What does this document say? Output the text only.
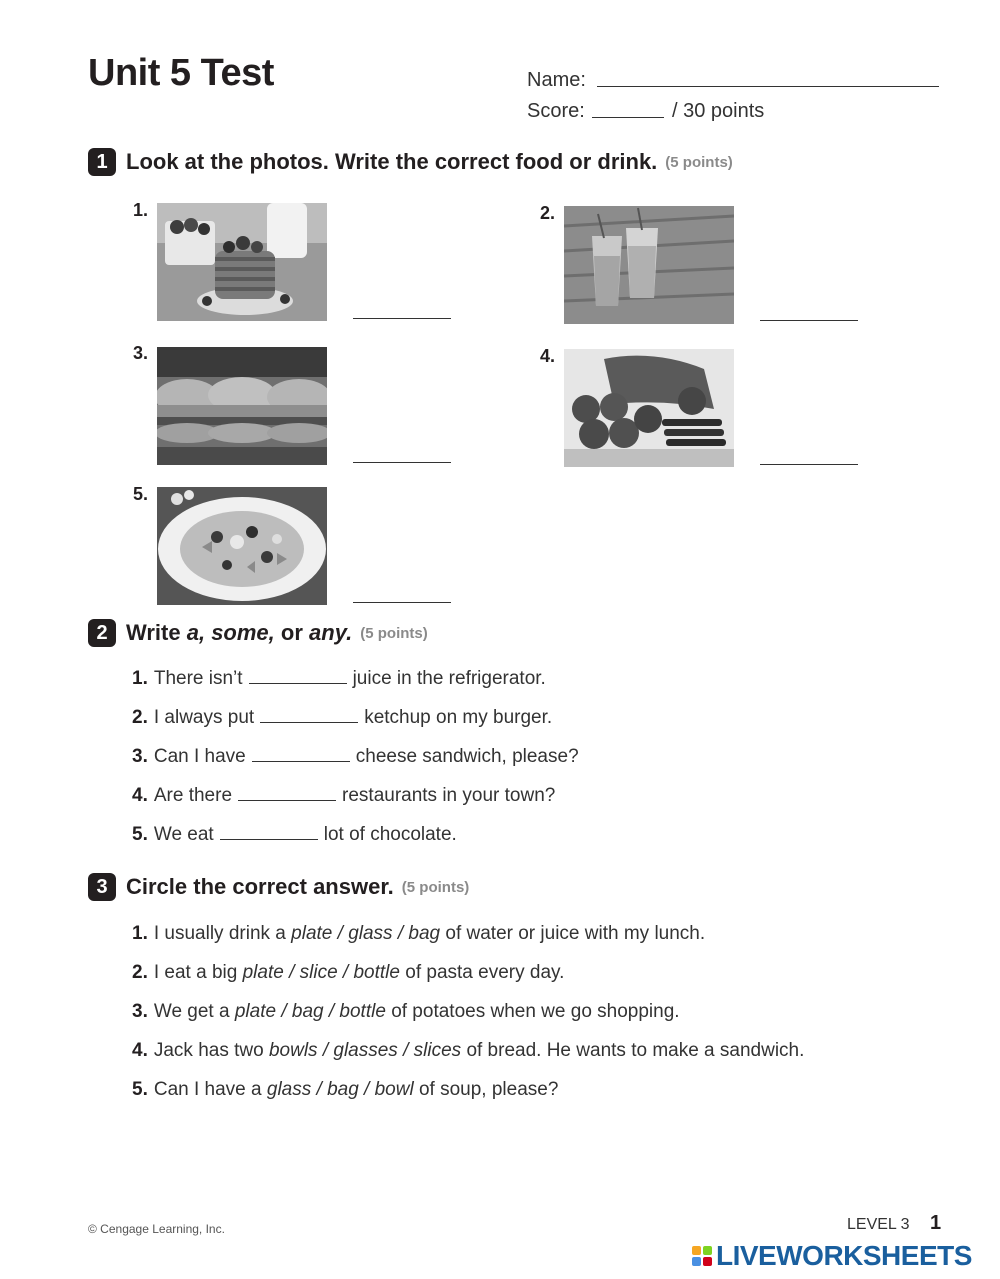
Unit 5 Test	Name:
Score:	/ 30 points
1 Look at the photos. Write the correct food or drink. (5 points)
1.	2.
3.	4.
5.
2 Write
a, some,
or
any. (5 points)
1. There isn’t	juice in the refrigerator.
2. I always put	ketchup on my burger.
3. Can I have	cheese sandwich, please?
4. Are there	restaurants in your town?
5. We eat	lot of chocolate.
3 Circle the correct answer. (5 points)
1. I usually drink a plate / glass / bag of water or juice with my lunch.
2. I eat a big plate / slice / bottle of pasta every day.
3. We get a plate / bag / bottle of potatoes when we go shopping.
4. Jack has two bowls / glasses / slices of bread. He wants to make a sandwich.
5. Can I have a glass / bag / bowl of soup, please?
© Cengage Learning, Inc.	LEVEL 3 1
LIVEWORKSHEETS
